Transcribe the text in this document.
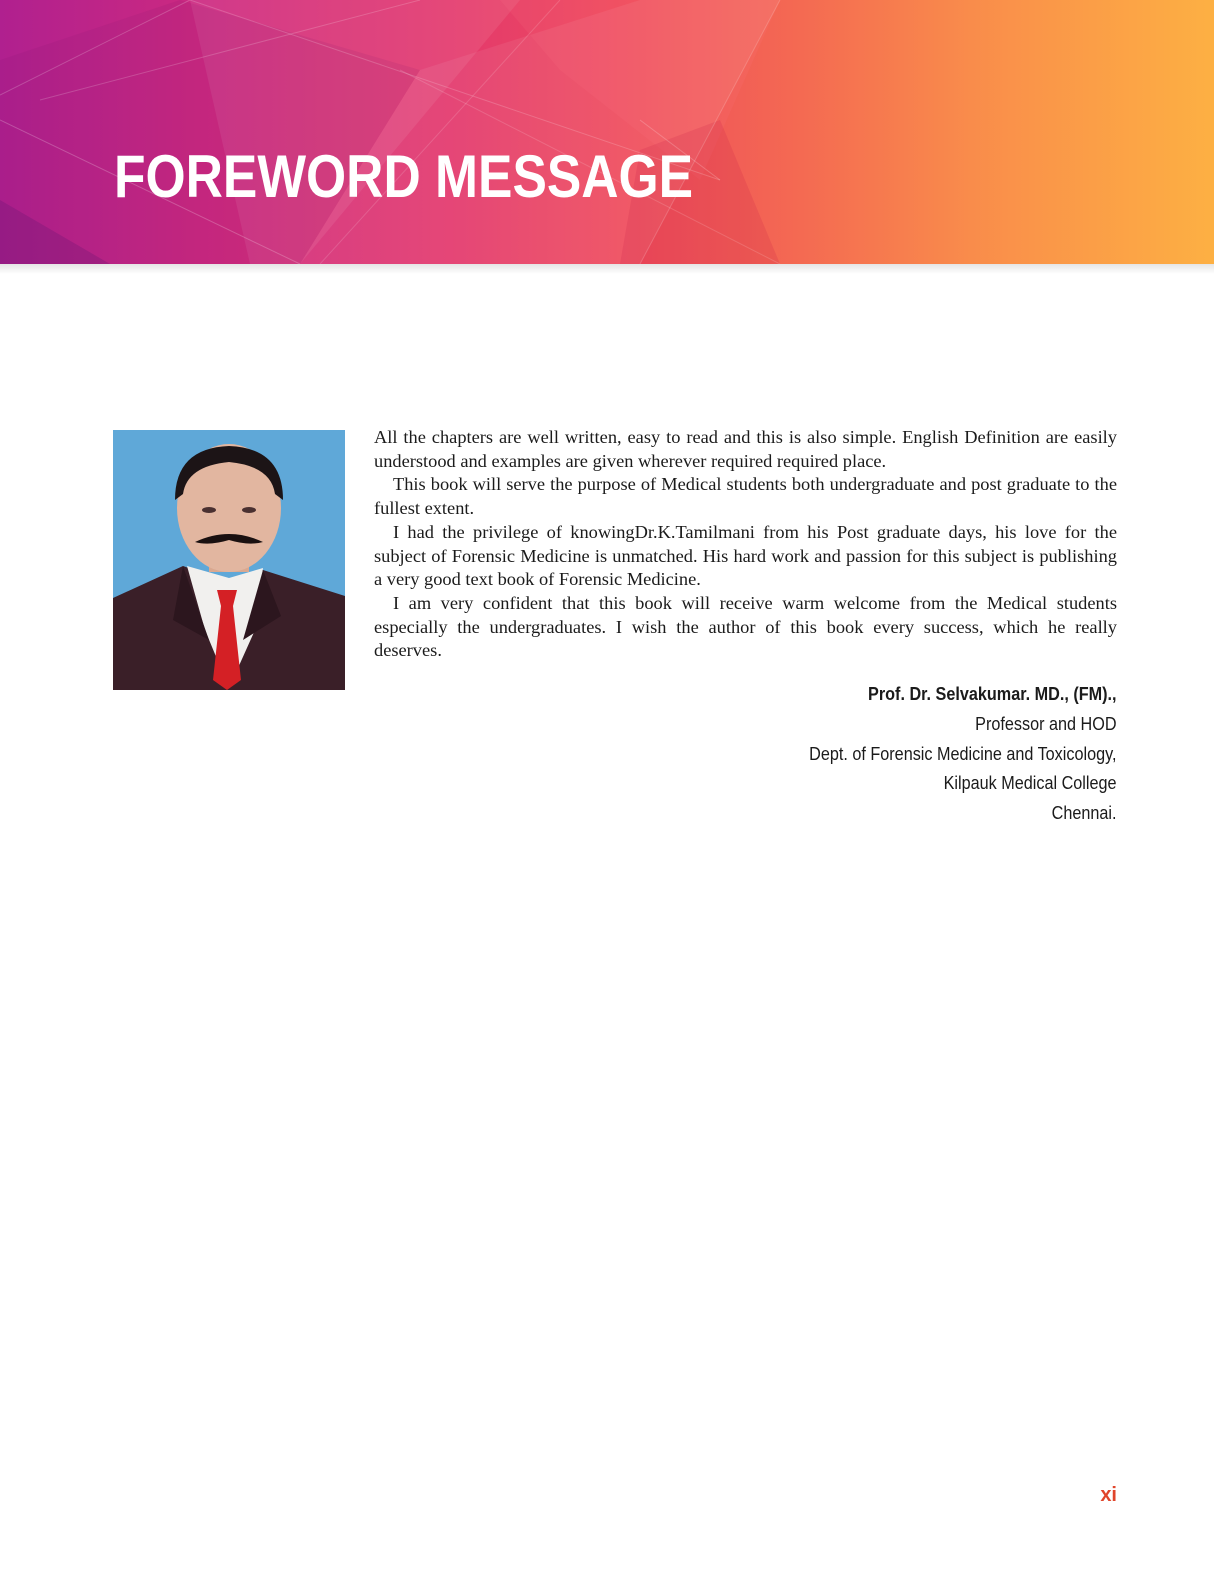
FOREWORD MESSAGE

All the chapters are well written, easy to read and this is also simple. English Definition are easily understood and examples are given wherever required required place.

This book will serve the purpose of Medical students both undergraduate and post graduate to the fullest extent.

I had the privilege of knowingDr.K.Tamilmani from his Post graduate days, his love for the subject of Forensic Medicine is unmatched. His hard work and passion for this subject is publishing a very good text book of Forensic Medicine.

I am very confident that this book will receive warm welcome from the Medical students especially the undergraduates. I wish the author of this book every success, which he really deserves.

Prof. Dr. Selvakumar. MD., (FM).,
Professor and HOD
Dept. of Forensic Medicine and Toxicology,
Kilpauk Medical College
Chennai.
xi
